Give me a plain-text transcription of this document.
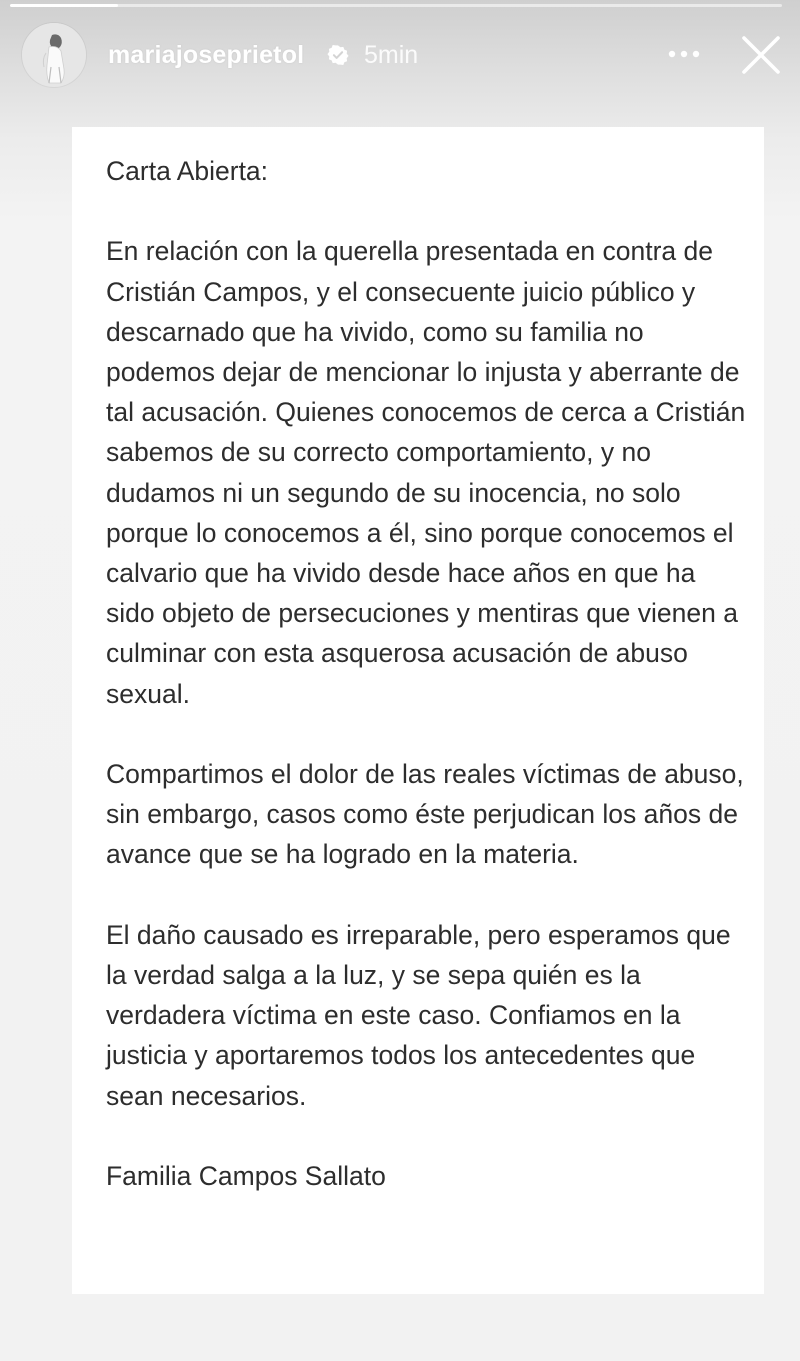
mariajoseprietol 5min

Carta Abierta:

En relación con la querella presentada en contra de Cristián Campos, y el consecuente juicio público y descarnado que ha vivido, como su familia no podemos dejar de mencionar lo injusta y aberrante de tal acusación. Quienes conocemos de cerca a Cristián sabemos de su correcto comportamiento, y no dudamos ni un segundo de su inocencia, no solo porque lo conocemos a él, sino porque conocemos el calvario que ha vivido desde hace años en que ha sido objeto de persecuciones y mentiras que vienen a culminar con esta asquerosa acusación de abuso sexual.

Compartimos el dolor de las reales víctimas de abuso, sin embargo, casos como éste perjudican los años de avance que se ha logrado en la materia.

El daño causado es irreparable, pero esperamos que la verdad salga a la luz, y se sepa quién es la verdadera víctima en este caso. Confiamos en la justicia y aportaremos todos los antecedentes que sean necesarios.

Familia Campos Sallato
